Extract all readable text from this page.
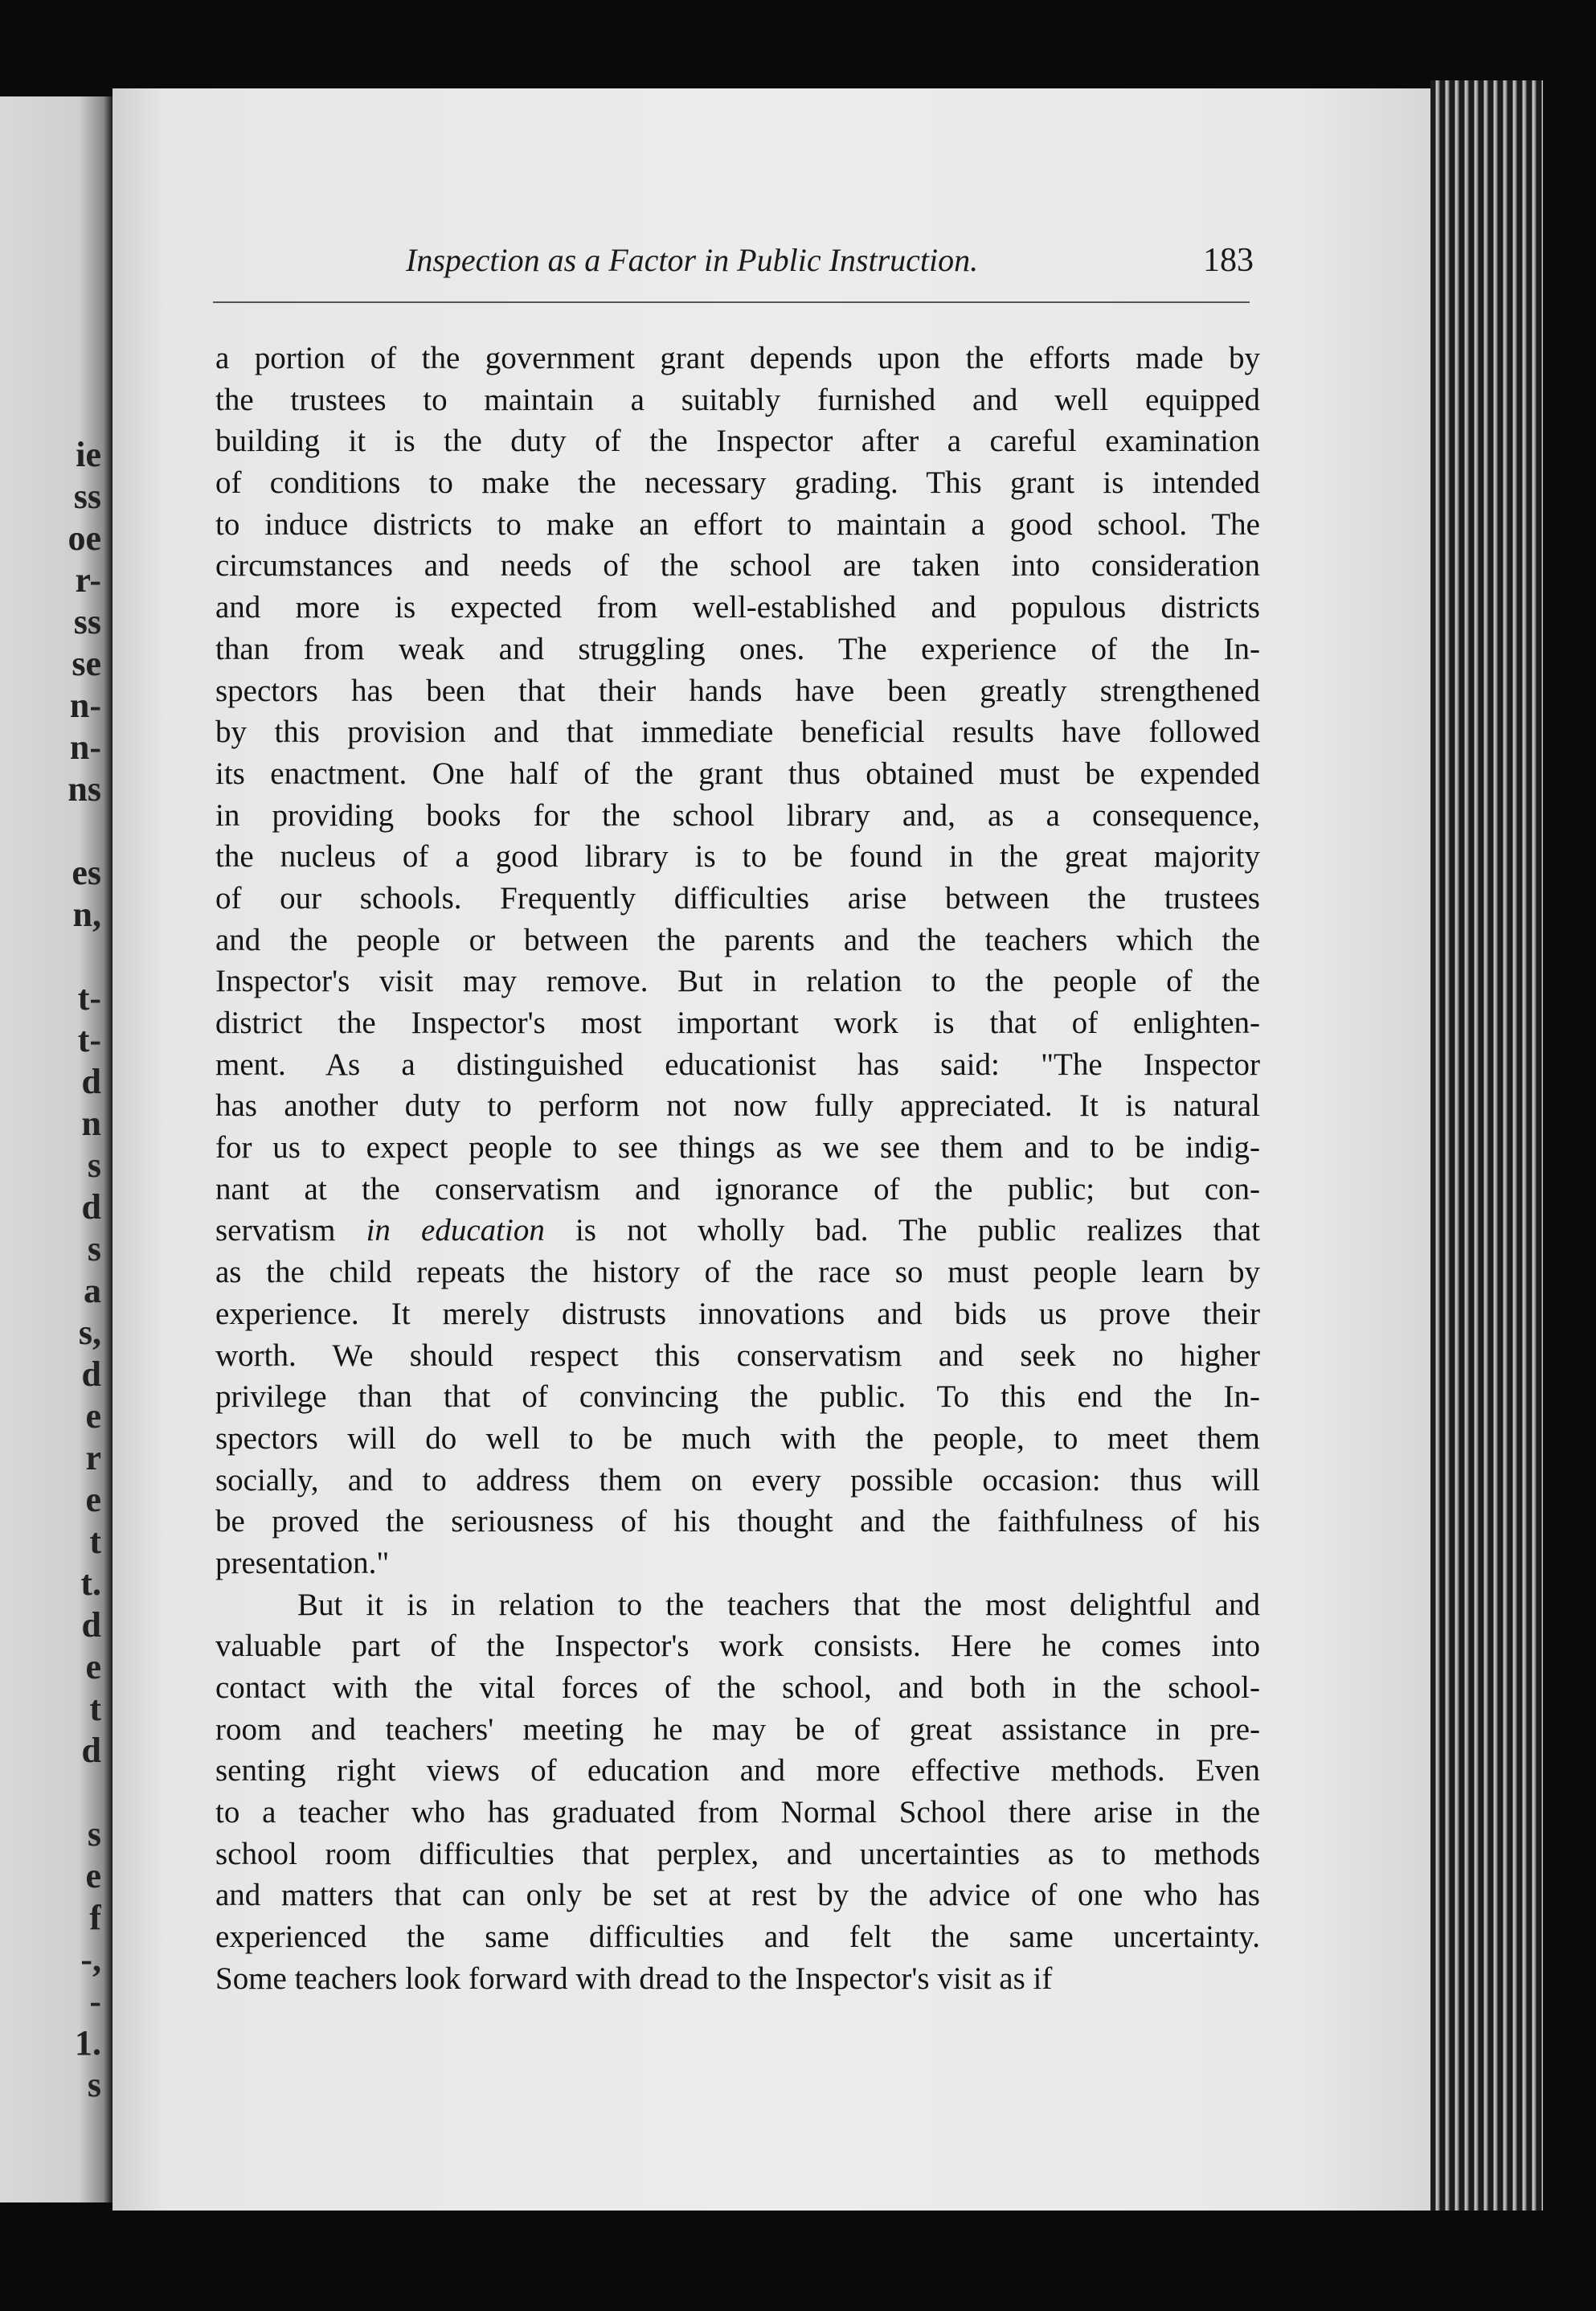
ie
ss
oe
r-
ss
se
n-
n-
ns
es
n,
t-
t-
d
n
s
d
s
a
s,
d
e
r
e
t
t.
d
e
t
d
s
e
f
-,
-
1.
s
Inspection as a Factor in Public Instruction.	183
a portion of the government grant depends upon the efforts made by
the trustees to maintain a suitably furnished and well equipped
building it is the duty of the Inspector after a careful examination
of conditions to make the necessary grading. This grant is intended
to induce districts to make an effort to maintain a good school. The
circumstances and needs of the school are taken into consideration
and more is expected from well-established and populous districts
than from weak and struggling ones. The experience of the In-
spectors has been that their hands have been greatly strengthened
by this provision and that immediate beneficial results have followed
its enactment. One half of the grant thus obtained must be expended
in providing books for the school library and, as a consequence,
the nucleus of a good library is to be found in the great majority
of our schools. Frequently difficulties arise between the trustees
and the people or between the parents and the teachers which the
Inspector's visit may remove. But in relation to the people of the
district the Inspector's most important work is that of enlighten-
ment. As a distinguished educationist has said: "The Inspector
has another duty to perform not now fully appreciated. It is natural
for us to expect people to see things as we see them and to be indig-
nant at the conservatism and ignorance of the public; but con-
servatism in education is not wholly bad. The public realizes that
as the child repeats the history of the race so must people learn by
experience. It merely distrusts innovations and bids us prove their
worth. We should respect this conservatism and seek no higher
privilege than that of convincing the public. To this end the In-
spectors will do well to be much with the people, to meet them
socially, and to address them on every possible occasion: thus will
be proved the seriousness of his thought and the faithfulness of his
presentation."
But it is in relation to the teachers that the most delightful and
valuable part of the Inspector's work consists. Here he comes into
contact with the vital forces of the school, and both in the school-
room and teachers' meeting he may be of great assistance in pre-
senting right views of education and more effective methods. Even
to a teacher who has graduated from Normal School there arise in the
school room difficulties that perplex, and uncertainties as to methods
and matters that can only be set at rest by the advice of one who has
experienced the same difficulties and felt the same uncertainty.
Some teachers look forward with dread to the Inspector's visit as if
